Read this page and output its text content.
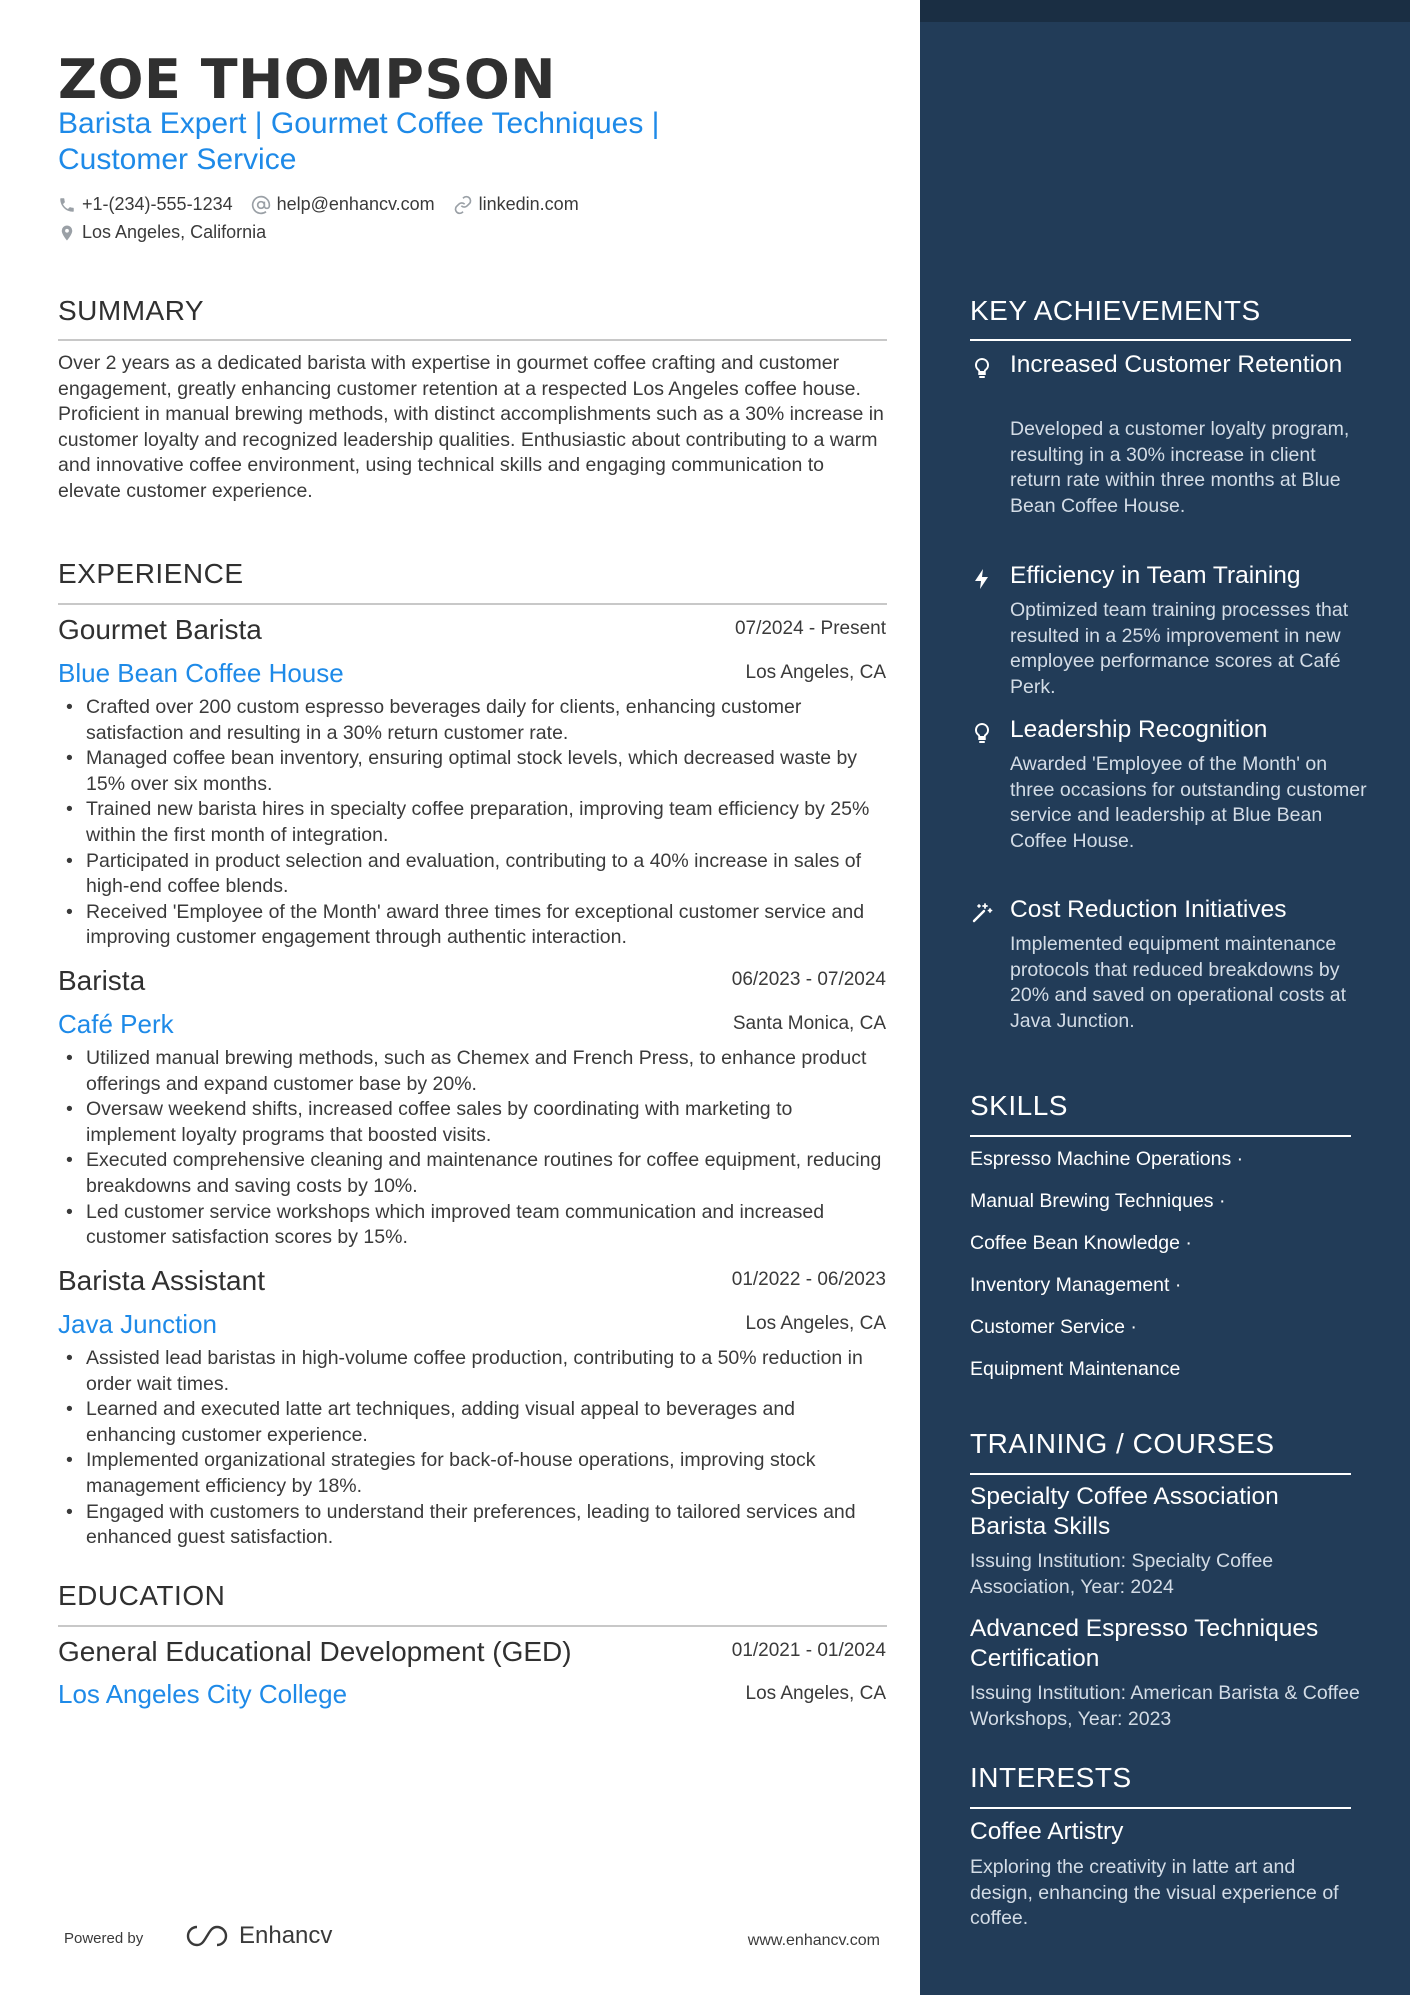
ZOE THOMPSON
Barista Expert | Gourmet Coffee Techniques |
Customer Service
+1-(234)-555-1234 help@enhancv.com linkedin.com
Los Angeles, California
SUMMARY
Over 2 years as a dedicated barista with expertise in gourmet coffee crafting and customer engagement, greatly enhancing customer retention at a respected Los Angeles coffee house. Proficient in manual brewing methods, with distinct accomplishments such as a 30% increase in customer loyalty and recognized leadership qualities. Enthusiastic about contributing to a warm and innovative coffee environment, using technical skills and engaging communication to elevate customer experience.
EXPERIENCE
Gourmet Barista	07/2024 - Present
Blue Bean Coffee House	Los Angeles, CA
• Crafted over 200 custom espresso beverages daily for clients, enhancing customer satisfaction and resulting in a 30% return customer rate.
• Managed coffee bean inventory, ensuring optimal stock levels, which decreased waste by 15% over six months.
• Trained new barista hires in specialty coffee preparation, improving team efficiency by 25% within the first month of integration.
• Participated in product selection and evaluation, contributing to a 40% increase in sales of high-end coffee blends.
• Received 'Employee of the Month' award three times for exceptional customer service and improving customer engagement through authentic interaction.
Barista	06/2023 - 07/2024
Café Perk	Santa Monica, CA
• Utilized manual brewing methods, such as Chemex and French Press, to enhance product offerings and expand customer base by 20%.
• Oversaw weekend shifts, increased coffee sales by coordinating with marketing to implement loyalty programs that boosted visits.
• Executed comprehensive cleaning and maintenance routines for coffee equipment, reducing breakdowns and saving costs by 10%.
• Led customer service workshops which improved team communication and increased customer satisfaction scores by 15%.
Barista Assistant	01/2022 - 06/2023
Java Junction	Los Angeles, CA
• Assisted lead baristas in high-volume coffee production, contributing to a 50% reduction in order wait times.
• Learned and executed latte art techniques, adding visual appeal to beverages and enhancing customer experience.
• Implemented organizational strategies for back-of-house operations, improving stock management efficiency by 18%.
• Engaged with customers to understand their preferences, leading to tailored services and enhanced guest satisfaction.
EDUCATION
General Educational Development (GED)	01/2021 - 01/2024
Los Angeles City College	Los Angeles, CA
Powered by	Enhancv	www.enhancv.com
KEY ACHIEVEMENTS
Increased Customer Retention
Developed a customer loyalty program, resulting in a 30% increase in client return rate within three months at Blue Bean Coffee House.
Efficiency in Team Training
Optimized team training processes that resulted in a 25% improvement in new employee performance scores at Café Perk.
Leadership Recognition
Awarded 'Employee of the Month' on three occasions for outstanding customer service and leadership at Blue Bean Coffee House.
Cost Reduction Initiatives
Implemented equipment maintenance protocols that reduced breakdowns by 20% and saved on operational costs at Java Junction.
SKILLS
Espresso Machine Operations ·
Manual Brewing Techniques ·
Coffee Bean Knowledge ·
Inventory Management ·
Customer Service ·
Equipment Maintenance
TRAINING / COURSES
Specialty Coffee Association Barista Skills
Issuing Institution: Specialty Coffee Association, Year: 2024
Advanced Espresso Techniques Certification
Issuing Institution: American Barista & Coffee Workshops, Year: 2023
INTERESTS
Coffee Artistry
Exploring the creativity in latte art and design, enhancing the visual experience of coffee.
